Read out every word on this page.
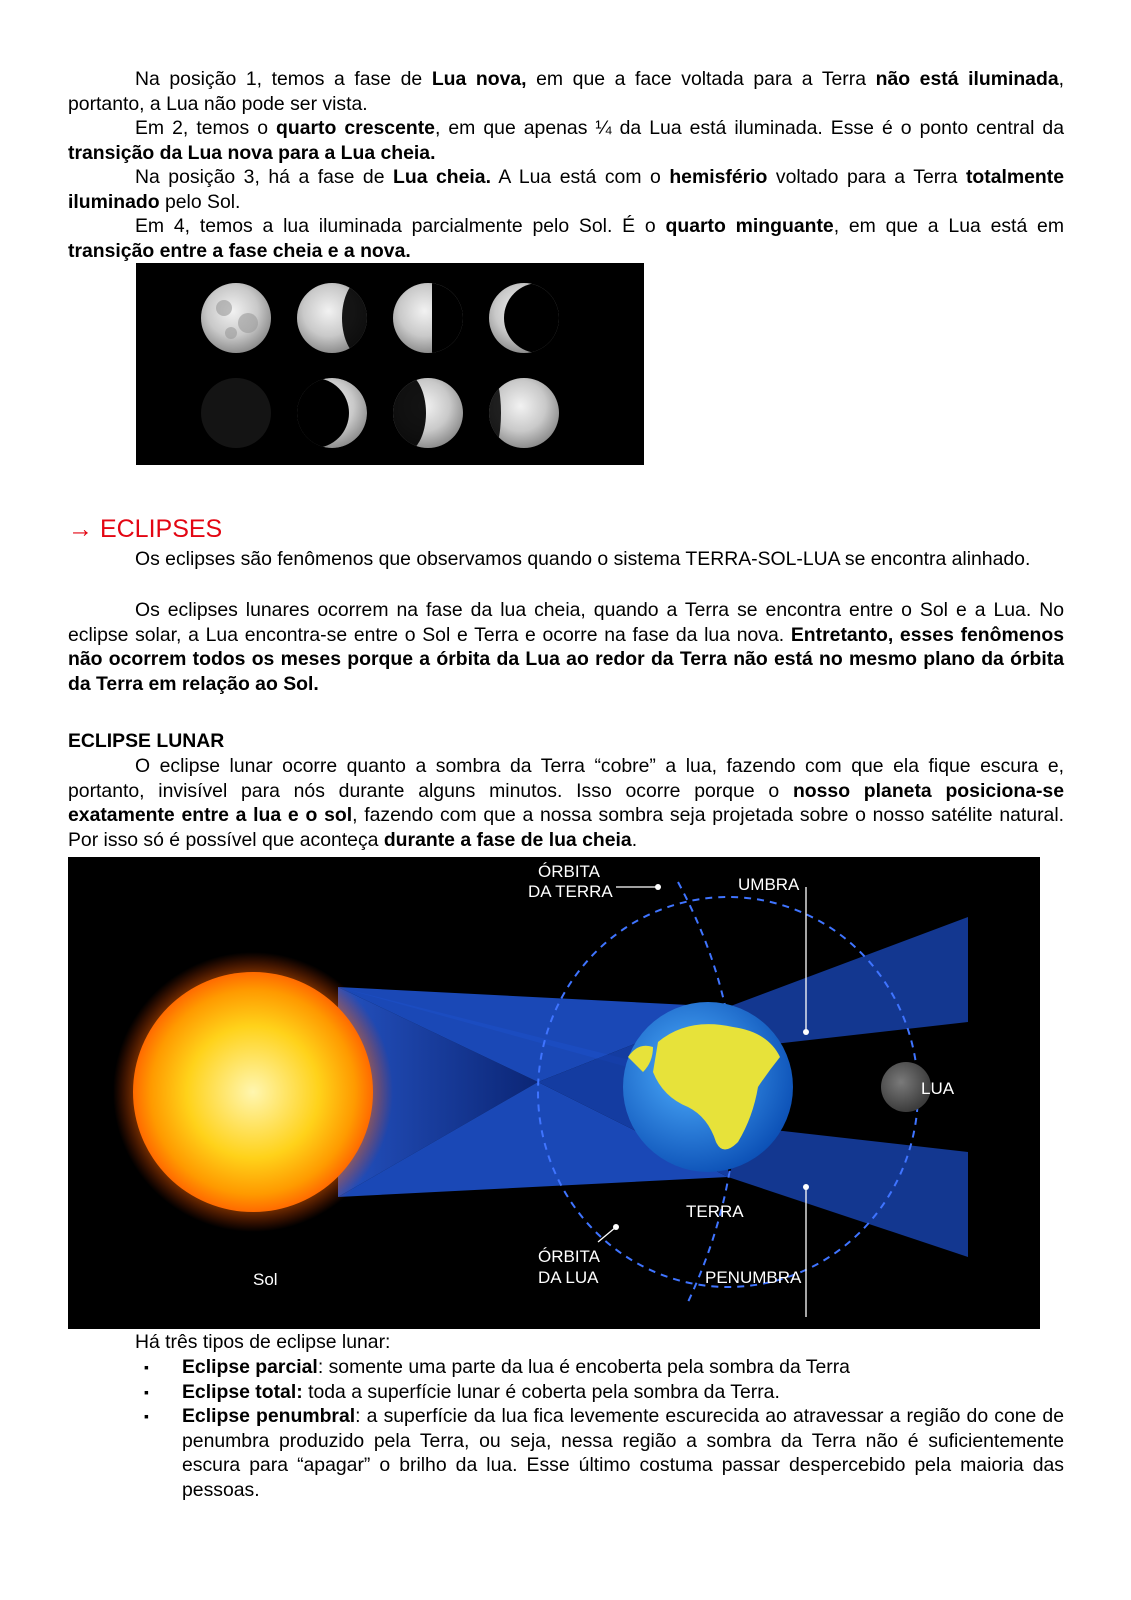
Na posição 1, temos a fase de Lua nova, em que a face voltada para a Terra não está iluminada, portanto, a Lua não pode ser vista.

Em 2, temos o quarto crescente, em que apenas ¼ da Lua está iluminada. Esse é o ponto central da transição da Lua nova para a Lua cheia.

Na posição 3, há a fase de Lua cheia. A Lua está com o hemisfério voltado para a Terra totalmente iluminado pelo Sol.

Em 4, temos a lua iluminada parcialmente pelo Sol. É o quarto minguante, em que a Lua está em transição entre a fase cheia e a nova.

→ ECLIPSES

Os eclipses são fenômenos que observamos quando o sistema TERRA-SOL-LUA se encontra alinhado.

Os eclipses lunares ocorrem na fase da lua cheia, quando a Terra se encontra entre o Sol e a Lua. No eclipse solar, a Lua encontra-se entre o Sol e Terra e ocorre na fase da lua nova. Entretanto, esses fenômenos não ocorrem todos os meses porque a órbita da Lua ao redor da Terra não está no mesmo plano da órbita da Terra em relação ao Sol.

ECLIPSE LUNAR

O eclipse lunar ocorre quanto a sombra da Terra “cobre” a lua, fazendo com que ela fique escura e, portanto, invisível para nós durante alguns minutos. Isso ocorre porque o nosso planeta posiciona-se exatamente entre a lua e o sol, fazendo com que a nossa sombra seja projetada sobre o nosso satélite natural. Por isso só é possível que aconteça durante a fase de lua cheia.

ÓRBITA
DA TERRA	UMBRA
LUA
TERRA
ÓRBITA
DA LUA	PENUMBRA
Sol

Há três tipos de eclipse lunar:

▪ Eclipse parcial: somente uma parte da lua é encoberta pela sombra da Terra
▪ Eclipse total: toda a superfície lunar é coberta pela sombra da Terra.
▪ Eclipse penumbral: a superfície da lua fica levemente escurecida ao atravessar a região do cone de penumbra produzido pela Terra, ou seja, nessa região a sombra da Terra não é suficientemente escura para “apagar” o brilho da lua. Esse último costuma passar despercebido pela maioria das pessoas.
